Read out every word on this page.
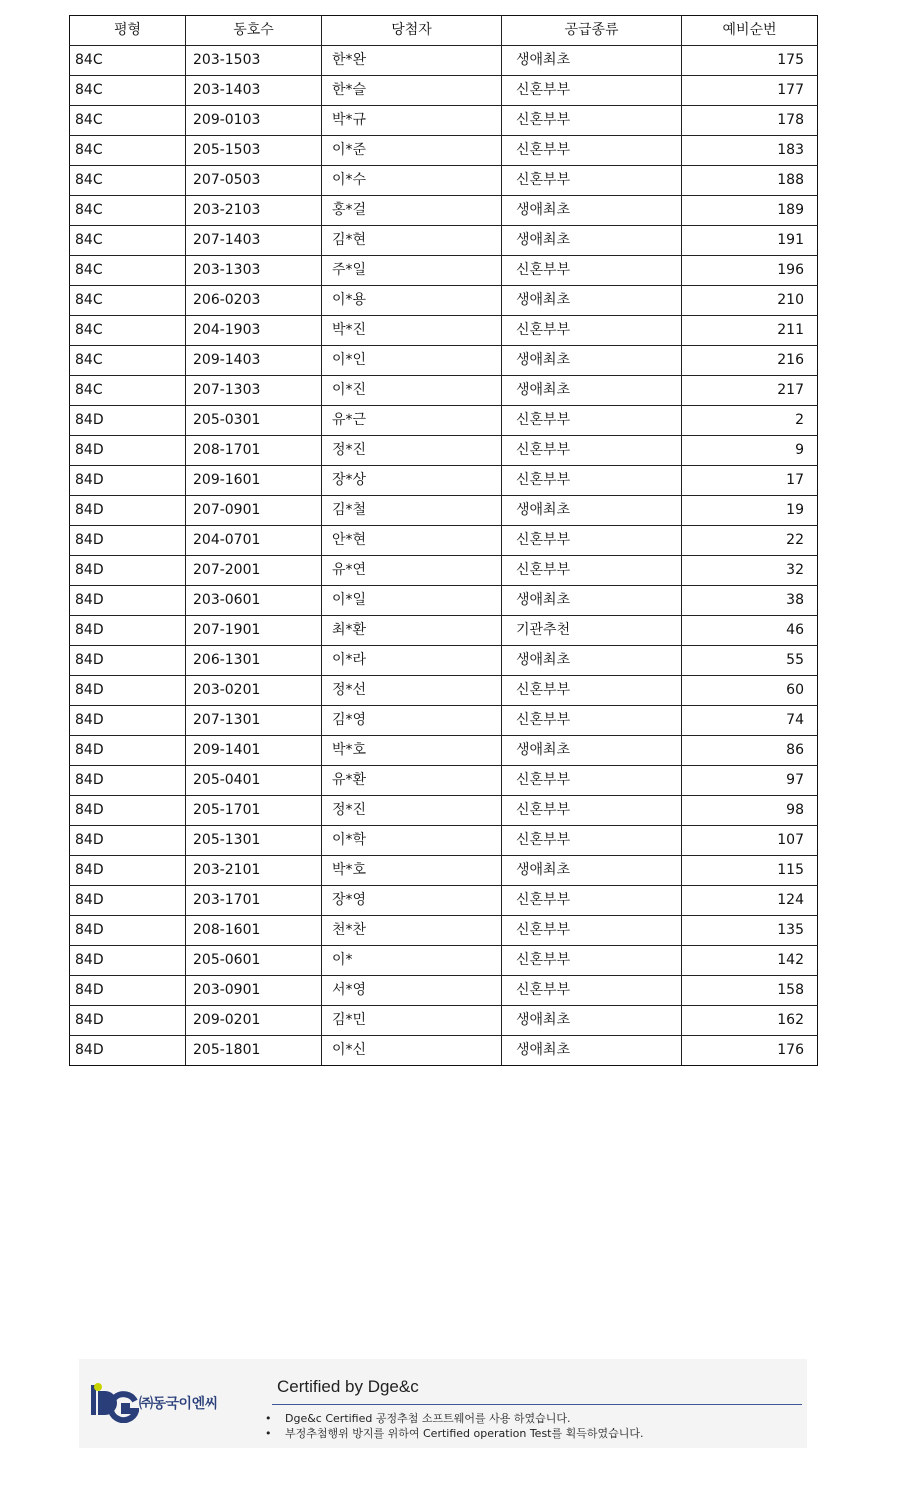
평형	동호수	당첨자	공급종류	예비순번
84C	203-1503	한*완	생애최초	175
84C	203-1403	한*슬	신혼부부	177
84C	209-0103	박*규	신혼부부	178
84C	205-1503	이*준	신혼부부	183
84C	207-0503	이*수	신혼부부	188
84C	203-2103	홍*걸	생애최초	189
84C	207-1403	김*현	생애최초	191
84C	203-1303	주*일	신혼부부	196
84C	206-0203	이*용	생애최초	210
84C	204-1903	박*진	신혼부부	211
84C	209-1403	이*인	생애최초	216
84C	207-1303	이*진	생애최초	217
84D	205-0301	유*근	신혼부부	2
84D	208-1701	정*진	신혼부부	9
84D	209-1601	장*상	신혼부부	17
84D	207-0901	김*철	생애최초	19
84D	204-0701	안*현	신혼부부	22
84D	207-2001	유*연	신혼부부	32
84D	203-0601	이*일	생애최초	38
84D	207-1901	최*환	기관추천	46
84D	206-1301	이*라	생애최초	55
84D	203-0201	정*선	신혼부부	60
84D	207-1301	김*영	신혼부부	74
84D	209-1401	박*호	생애최초	86
84D	205-0401	유*환	신혼부부	97
84D	205-1701	정*진	신혼부부	98
84D	205-1301	이*학	신혼부부	107
84D	203-2101	박*호	생애최초	115
84D	203-1701	장*영	신혼부부	124
84D	208-1601	천*찬	신혼부부	135
84D	205-0601	이*	신혼부부	142
84D	203-0901	서*영	신혼부부	158
84D	209-0201	김*민	생애최초	162
84D	205-1801	이*신	생애최초	176
㈜동국이엔씨
Certified by Dge&c
• Dge&c Certified 공정추첨 소프트웨어를 사용 하였습니다.
• 부정추첨행위 방지를 위하여 Certified operation Test를 획득하였습니다.
